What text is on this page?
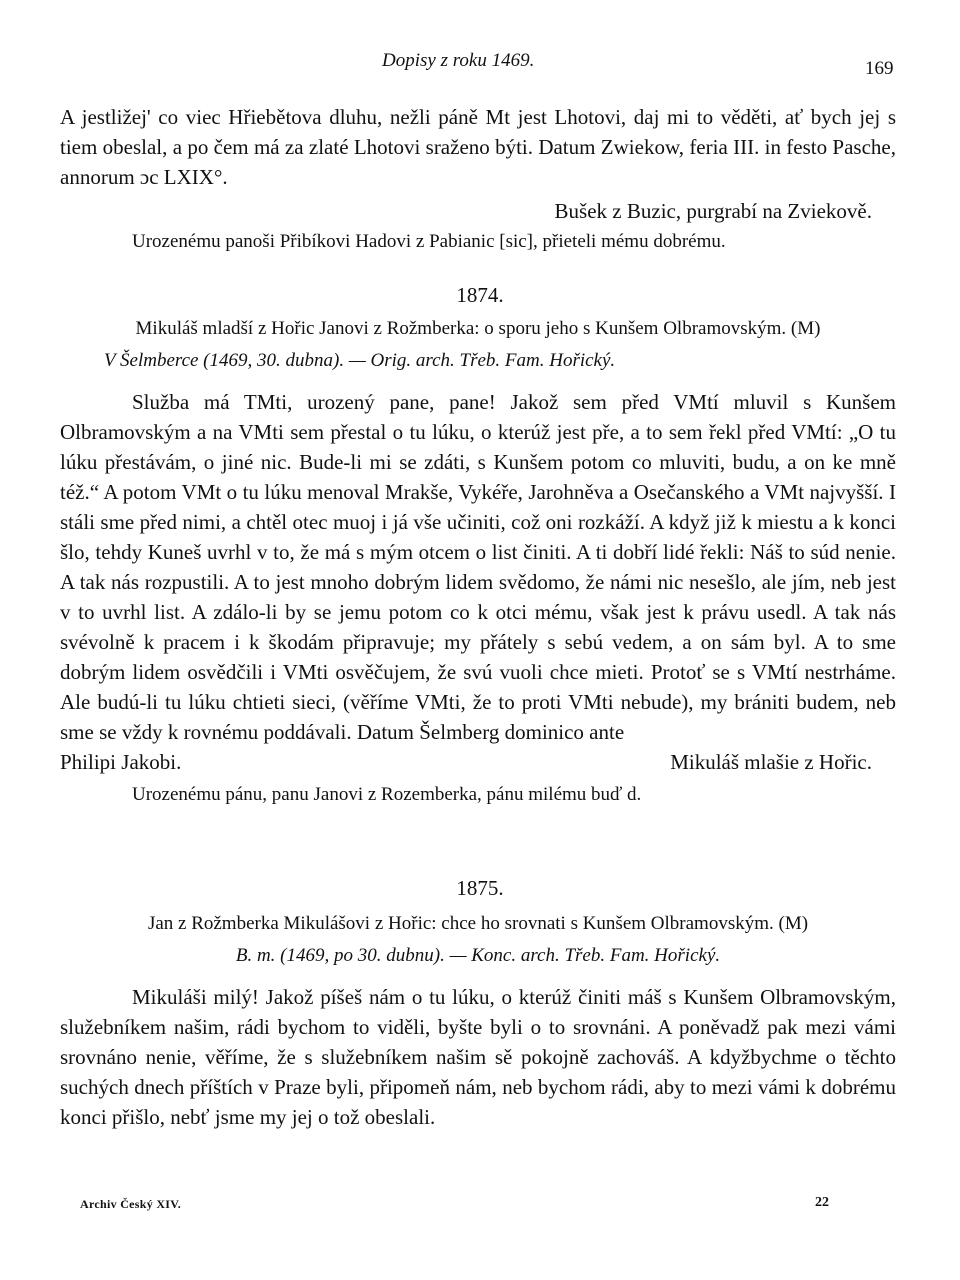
Dopisy z roku 1469.	169

A jestližej' co viec Hřiebětova dluhu, nežli páně Mt jest Lhotovi, daj mi to věděti, ať bych jej s tiem obeslal, a po čem má za zlaté Lhotovi sraženo býti. Datum Zwiekow, feria III. in festo Pasche, annorum ɔc LXIX°.

Bušek z Buzic, purgrabí na Zviekově.
Urozenému panoši Přibíkovi Hadovi z Pabianic [sic], přieteli mému dobrému.
1874.
Mikuláš mladší z Hořic Janovi z Rožmberka: o sporu jeho s Kunšem Olbramovským. (M)
V Šelmberce (1469, 30. dubna). — Orig. arch. Třeb. Fam. Hořický.

Služba má TMti, urozený pane, pane! Jakož sem před VMtí mluvil s Kunšem Olbramovským a na VMti sem přestal o tu lúku, o kterúž jest pře, a to sem řekl před VMtí: „O tu lúku přestávám, o jiné nic. Bude-li mi se zdáti, s Kunšem potom co mluviti, budu, a on ke mně též.“ A potom VMt o tu lúku menoval Mrakše, Vykéře, Jarohněva a Osečanského a VMt najvyšší. I stáli sme před nimi, a chtěl otec muoj i já vše učiniti, což oni rozkáží. A když již k miestu a k konci šlo, tehdy Kuneš uvrhl v to, že má s mým otcem o list činiti. A ti dobří lidé řekli: Náš to súd nenie. A tak nás rozpustili. A to jest mnoho dobrým lidem svědomo, že námi nic nesešlo, ale jím, neb jest v to uvrhl list. A zdálo-li by se jemu potom co k otci mému, však jest k právu usedl. A tak nás svévolně k pracem i k škodám připravuje; my přátely s sebú vedem, a on sám byl. A to sme dobrým lidem osvědčili i VMti osvěčujem, že svú vuoli chce mieti. Protoť se s VMtí nestrháme. Ale budú-li tu lúku chtieti sieci, (věříme VMti, že to proti VMti nebude), my brániti budem, neb sme se vždy k rovnému poddávali. Datum Šelmberg dominico ante

Philipi Jakobi.	Mikuláš mlašie z Hořic.
Urozenému pánu, panu Janovi z Rozemberka, pánu milému buď d.
1875.
Jan z Rožmberka Mikulášovi z Hořic: chce ho srovnati s Kunšem Olbramovským. (M)
B. m. (1469, po 30. dubnu). — Konc. arch. Třeb. Fam. Hořický.

Mikuláši milý! Jakož píšeš nám o tu lúku, o kterúž činiti máš s Kunšem Olbramovským, služebníkem našim, rádi bychom to viděli, byšte byli o to srovnáni. A poněvadž pak mezi vámi srovnáno nenie, věříme, že s služebníkem našim sě pokojně zachováš. A kdyžbychme o těchto suchých dnech příštích v Praze byli, připomeň nám, neb bychom rádi, aby to mezi vámi k dobrému konci přišlo, nebť jsme my jej o tož obeslali.

Archiv Český XIV.	22
